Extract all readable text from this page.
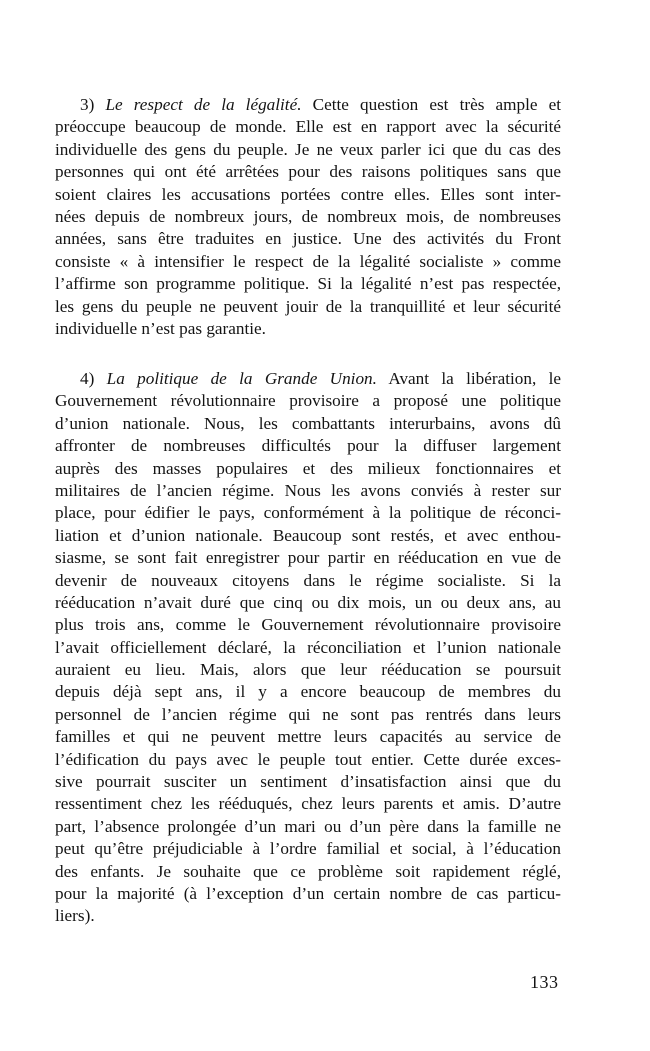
3) Le respect de la légalité. Cette question est très ample et
préoccupe beaucoup de monde. Elle est en rapport avec la sécurité
individuelle des gens du peuple. Je ne veux parler ici que du cas des
personnes qui ont été arrêtées pour des raisons politiques sans que
soient claires les accusations portées contre elles. Elles sont inter-
nées depuis de nombreux jours, de nombreux mois, de nombreuses
années, sans être traduites en justice. Une des activités du Front
consiste « à intensifier le respect de la légalité socialiste » comme
l’affirme son programme politique. Si la légalité n’est pas respectée,
les gens du peuple ne peuvent jouir de la tranquillité et leur sécurité
individuelle n’est pas garantie.
4) La politique de la Grande Union. Avant la libération, le
Gouvernement révolutionnaire provisoire a proposé une politique
d’union nationale. Nous, les combattants interurbains, avons dû
affronter de nombreuses difficultés pour la diffuser largement
auprès des masses populaires et des milieux fonctionnaires et
militaires de l’ancien régime. Nous les avons conviés à rester sur
place, pour édifier le pays, conformément à la politique de réconci-
liation et d’union nationale. Beaucoup sont restés, et avec enthou-
siasme, se sont fait enregistrer pour partir en rééducation en vue de
devenir de nouveaux citoyens dans le régime socialiste. Si la
rééducation n’avait duré que cinq ou dix mois, un ou deux ans, au
plus trois ans, comme le Gouvernement révolutionnaire provisoire
l’avait officiellement déclaré, la réconciliation et l’union nationale
auraient eu lieu. Mais, alors que leur rééducation se poursuit
depuis déjà sept ans, il y a encore beaucoup de membres du
personnel de l’ancien régime qui ne sont pas rentrés dans leurs
familles et qui ne peuvent mettre leurs capacités au service de
l’édification du pays avec le peuple tout entier. Cette durée exces-
sive pourrait susciter un sentiment d’insatisfaction ainsi que du
ressentiment chez les rééduqués, chez leurs parents et amis. D’autre
part, l’absence prolongée d’un mari ou d’un père dans la famille ne
peut qu’être préjudiciable à l’ordre familial et social, à l’éducation
des enfants. Je souhaite que ce problème soit rapidement réglé,
pour la majorité (à l’exception d’un certain nombre de cas particu-
liers).
133
